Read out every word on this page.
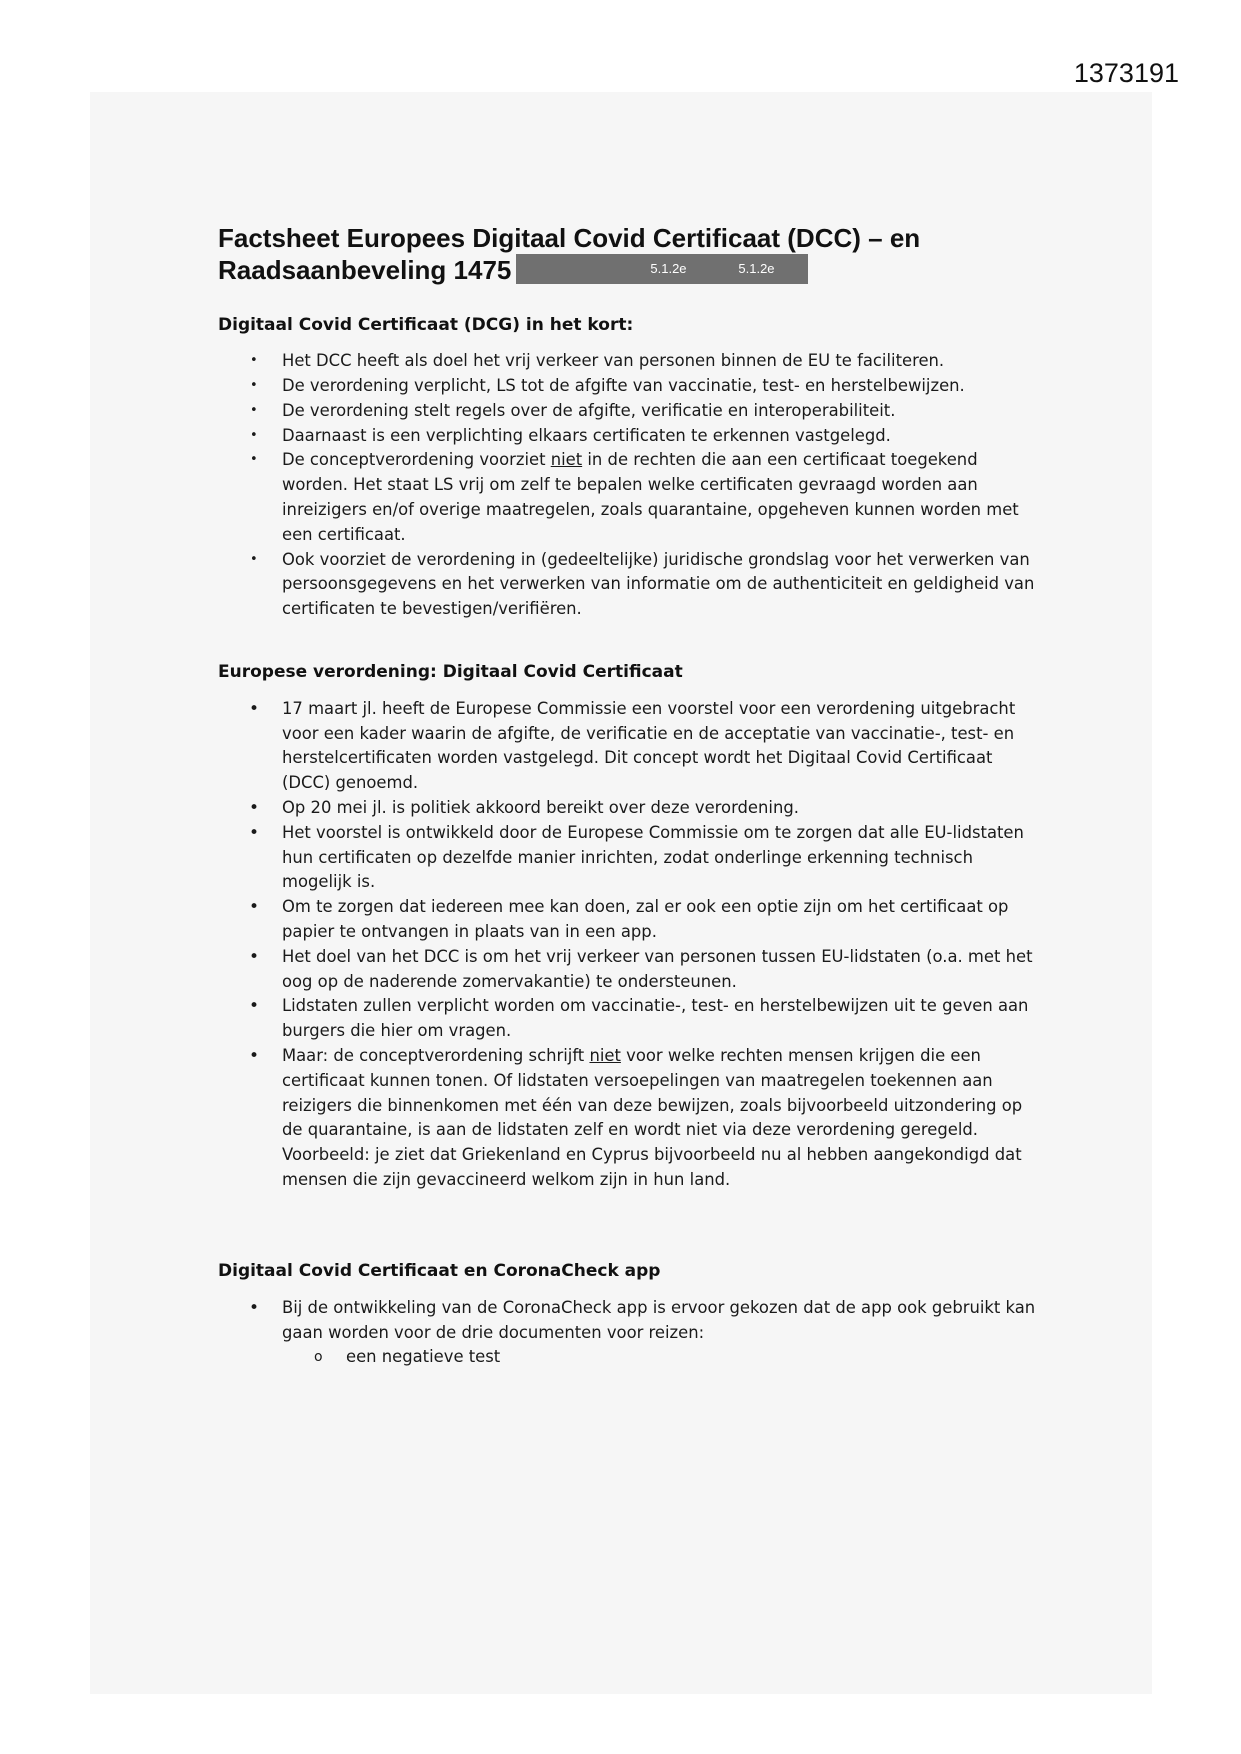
1373191
Factsheet Europees Digitaal Covid Certificaat (DCC) – en
Raadsaanbeveling 1475	5.1.2e	5.1.2e
Digitaal Covid Certificaat (DCG) in het kort:
• Het DCC heeft als doel het vrij verkeer van personen binnen de EU te faciliteren.
• De verordening verplicht, LS tot de afgifte van vaccinatie, test- en herstelbewijzen.
• De verordening stelt regels over de afgifte, verificatie en interoperabiliteit.
• Daarnaast is een verplichting elkaars certificaten te erkennen vastgelegd.
• De conceptverordening voorziet niet in de rechten die aan een certificaat toegekend worden. Het staat LS vrij om zelf te bepalen welke certificaten gevraagd worden aan inreizigers en/of overige maatregelen, zoals quarantaine, opgeheven kunnen worden met een certificaat.
• Ook voorziet de verordening in (gedeeltelijke) juridische grondslag voor het verwerken van persoonsgegevens en het verwerken van informatie om de authenticiteit en geldigheid van certificaten te bevestigen/verifiëren.
Europese verordening: Digitaal Covid Certificaat
• 17 maart jl. heeft de Europese Commissie een voorstel voor een verordening uitgebracht voor een kader waarin de afgifte, de verificatie en de acceptatie van vaccinatie-, test- en herstelcertificaten worden vastgelegd. Dit concept wordt het Digitaal Covid Certificaat (DCC) genoemd.
• Op 20 mei jl. is politiek akkoord bereikt over deze verordening.
• Het voorstel is ontwikkeld door de Europese Commissie om te zorgen dat alle EU-lidstaten hun certificaten op dezelfde manier inrichten, zodat onderlinge erkenning technisch mogelijk is.
• Om te zorgen dat iedereen mee kan doen, zal er ook een optie zijn om het certificaat op papier te ontvangen in plaats van in een app.
• Het doel van het DCC is om het vrij verkeer van personen tussen EU-lidstaten (o.a. met het oog op de naderende zomervakantie) te ondersteunen.
• Lidstaten zullen verplicht worden om vaccinatie-, test- en herstelbewijzen uit te geven aan burgers die hier om vragen.
• Maar: de conceptverordening schrijft niet voor welke rechten mensen krijgen die een certificaat kunnen tonen. Of lidstaten versoepelingen van maatregelen toekennen aan reizigers die binnenkomen met één van deze bewijzen, zoals bijvoorbeeld uitzondering op de quarantaine, is aan de lidstaten zelf en wordt niet via deze verordening geregeld. Voorbeeld: je ziet dat Griekenland en Cyprus bijvoorbeeld nu al hebben aangekondigd dat mensen die zijn gevaccineerd welkom zijn in hun land.
Digitaal Covid Certificaat en CoronaCheck app
• Bij de ontwikkeling van de CoronaCheck app is ervoor gekozen dat de app ook gebruikt kan gaan worden voor de drie documenten voor reizen:
o een negatieve test
